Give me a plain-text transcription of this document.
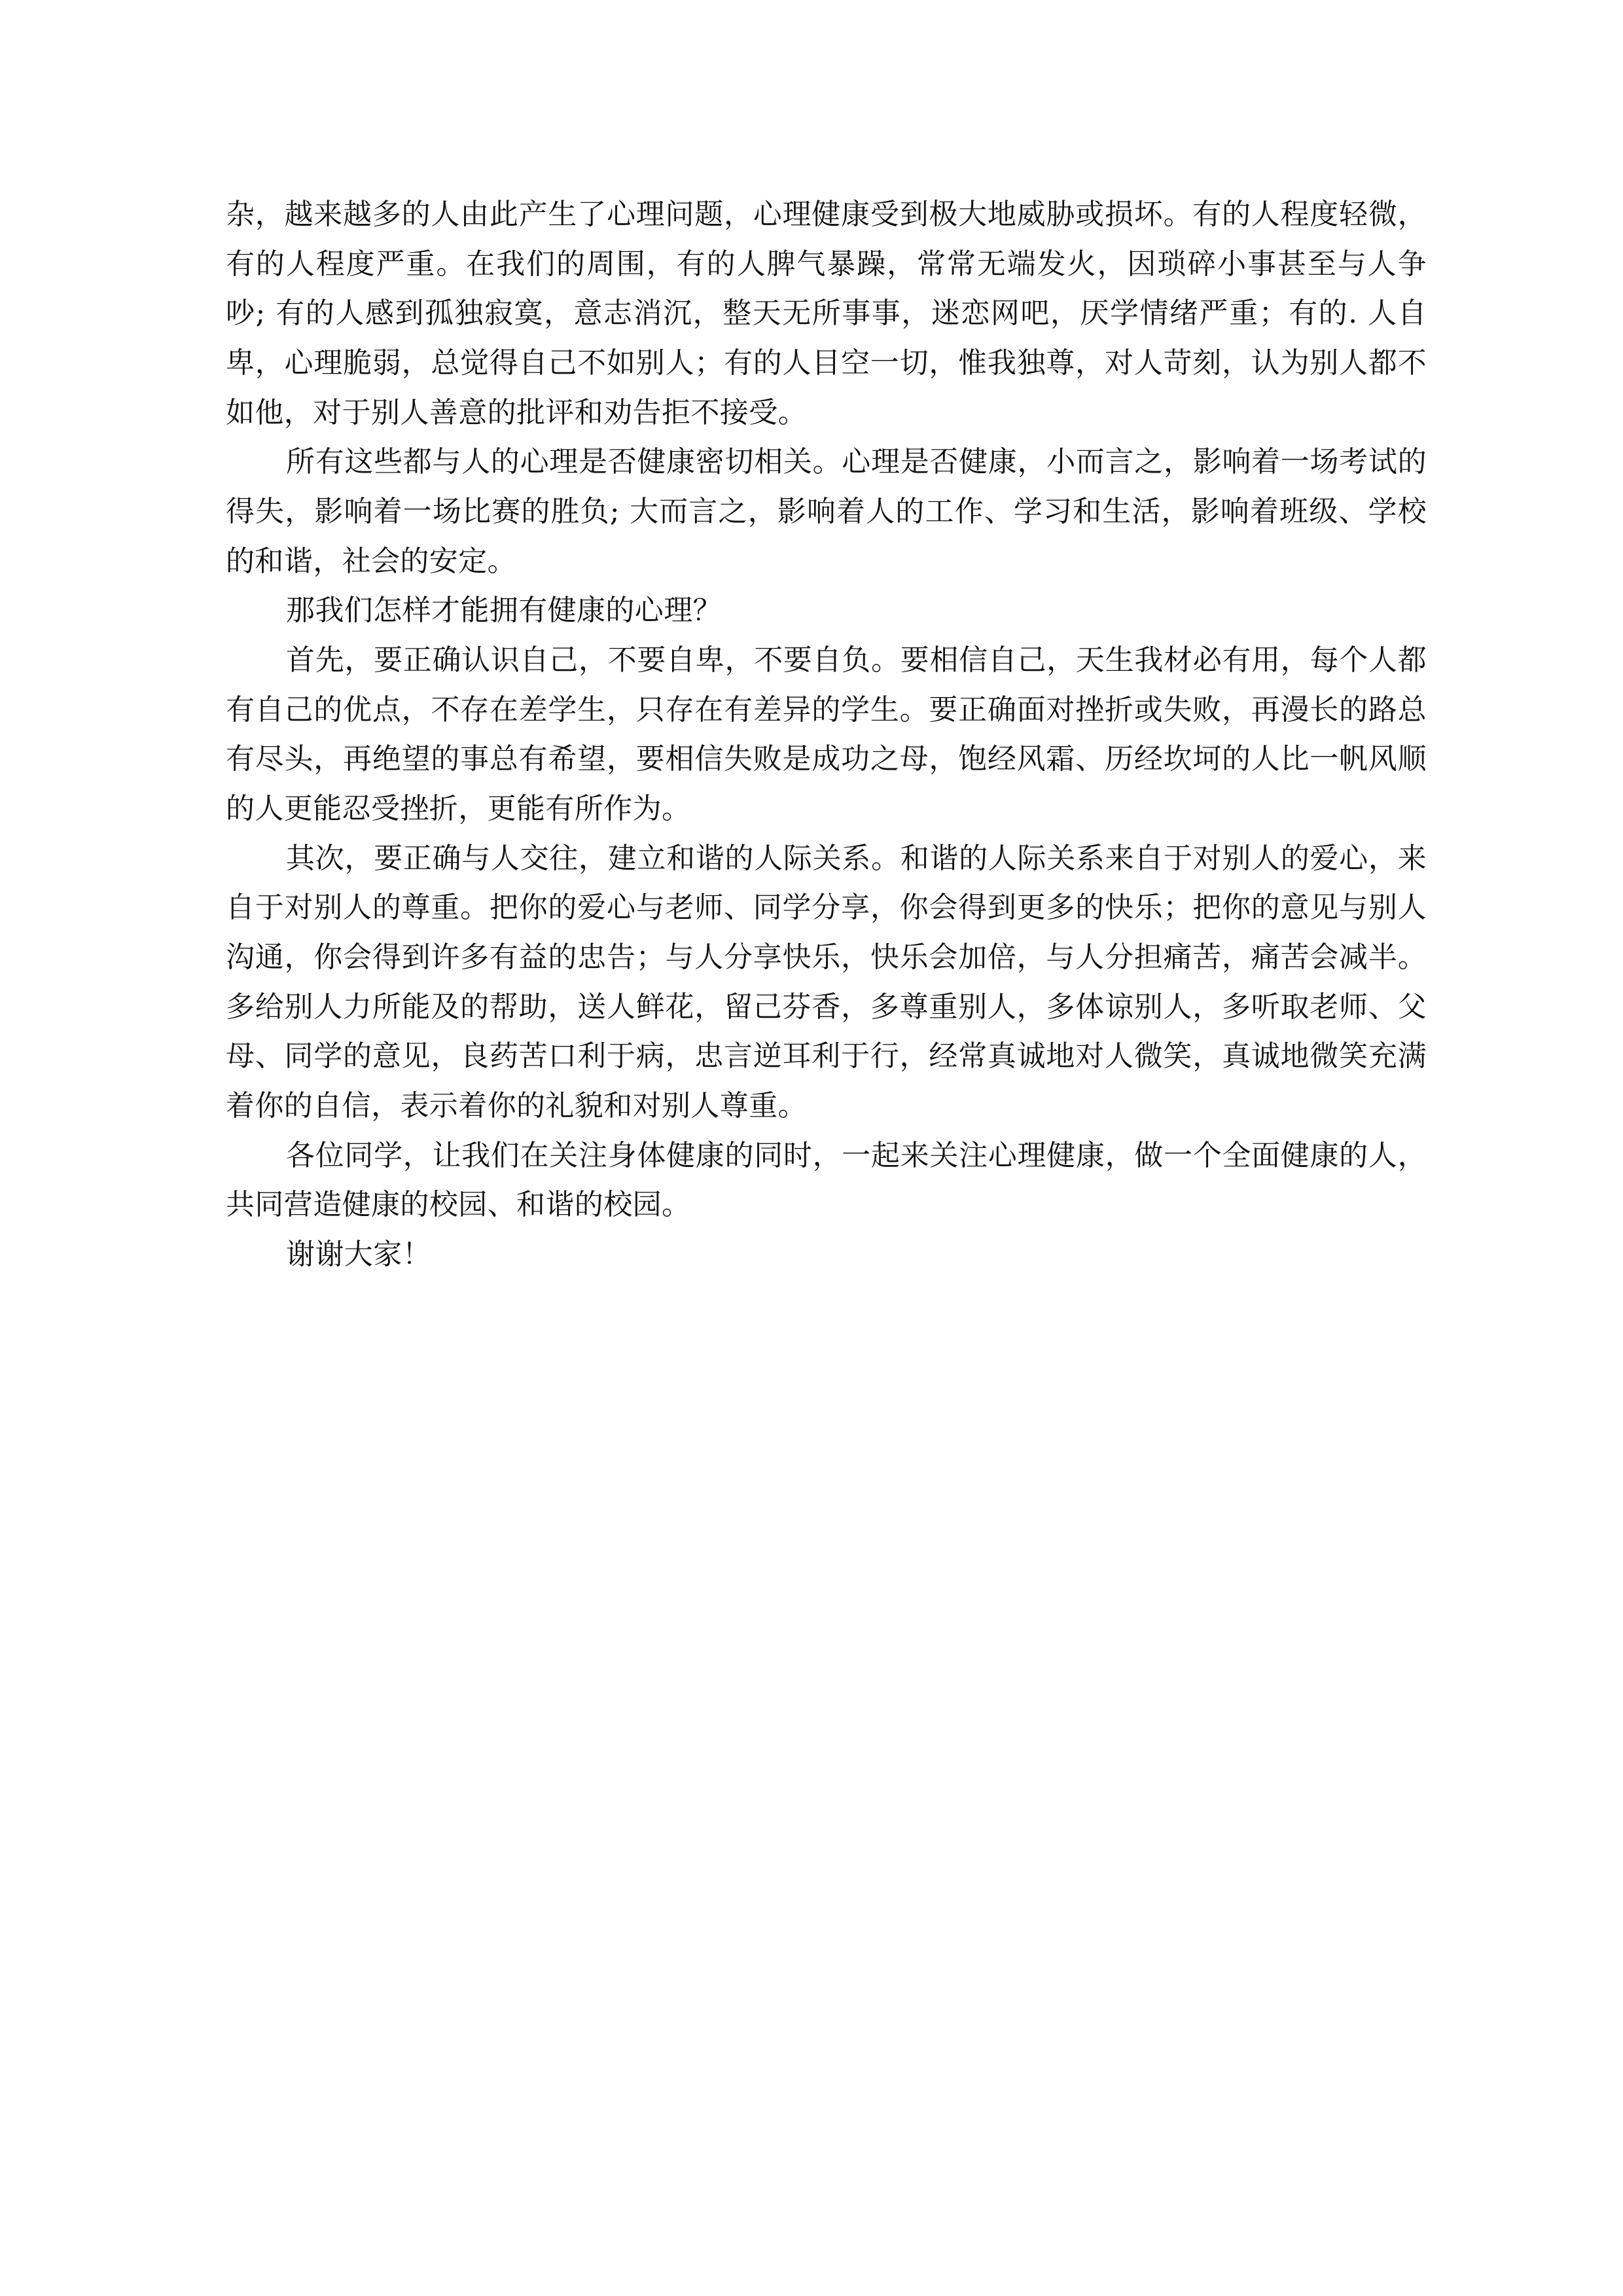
杂，越来越多的人由此产生了心理问题，心理健康受到极大地威胁或损坏。有的人程度轻微，有的人程度严重。在我们的周围，有的人脾气暴躁，常常无端发火，因琐碎小事甚至与人争吵; 有的人感到孤独寂寞，意志消沉，整天无所事事，迷恋网吧，厌学情绪严重；有的. 人自卑，心理脆弱，总觉得自己不如别人；有的人目空一切，惟我独尊，对人苛刻，认为别人都不如他，对于别人善意的批评和劝告拒不接受。

所有这些都与人的心理是否健康密切相关。心理是否健康，小而言之，影响着一场考试的得失，影响着一场比赛的胜负; 大而言之，影响着人的工作、学习和生活，影响着班级、学校的和谐，社会的安定。

那我们怎样才能拥有健康的心理？

首先，要正确认识自己，不要自卑，不要自负。要相信自己，天生我材必有用，每个人都有自己的优点，不存在差学生，只存在有差异的学生。要正确面对挫折或失败，再漫长的路总有尽头，再绝望的事总有希望，要相信失败是成功之母，饱经风霜、历经坎坷的人比一帆风顺的人更能忍受挫折，更能有所作为。

其次，要正确与人交往，建立和谐的人际关系。和谐的人际关系来自于对别人的爱心，来自于对别人的尊重。把你的爱心与老师、同学分享，你会得到更多的快乐；把你的意见与别人沟通，你会得到许多有益的忠告；与人分享快乐，快乐会加倍，与人分担痛苦，痛苦会减半。多给别人力所能及的帮助，送人鲜花，留己芬香，多尊重别人，多体谅别人，多听取老师、父母、同学的意见，良药苦口利于病，忠言逆耳利于行，经常真诚地对人微笑，真诚地微笑充满着你的自信，表示着你的礼貌和对别人尊重。

各位同学，让我们在关注身体健康的同时，一起来关注心理健康，做一个全面健康的人，共同营造健康的校园、和谐的校园。

谢谢大家！
